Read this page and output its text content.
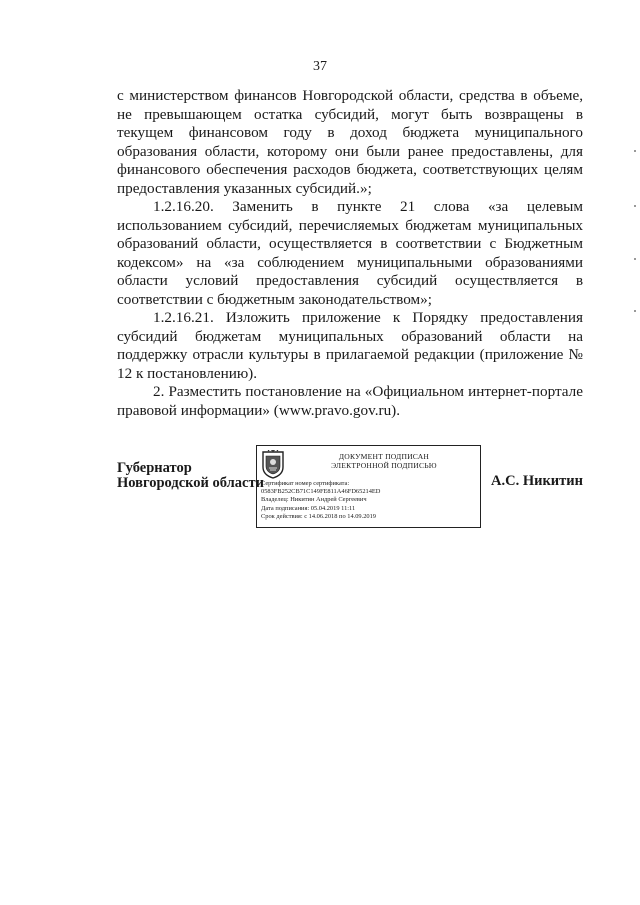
37

с министерством финансов Новгородской области, средства в объеме, не превышающем остатка субсидий, могут быть возвращены в текущем финансовом году в доход бюджета муниципального образования области, которому они были ранее предоставлены, для финансового обеспечения расходов бюджета, соответствующих целям предоставления указанных субсидий.»;

1.2.16.20. Заменить в пункте 21 слова «за целевым использованием субсидий, перечисляемых бюджетам муниципальных образований области, осуществляется в соответствии с Бюджетным кодексом» на «за соблюдением муниципальными образованиями области условий предоставления субсидий осуществляется в соответствии с бюджетным законодательством»;

1.2.16.21. Изложить приложение к Порядку предоставления субсидий бюджетам муниципальных образований области на поддержку отрасли культуры в прилагаемой редакции (приложение № 12 к постановлению).

2. Разместить постановление на «Официальном интернет-портале правовой информации» (www.pravo.gov.ru).

Губернатор
Новгородской области
ДОКУМЕНТ ПОДПИСАН
ЭЛЕКТРОННОЙ ПОДПИСЬЮ
Сертификат номер сертификата:
0583FB252CB71C149FE811A46FD65214ED
Владелец: Никитин Андрей Сергеевич
Дата подписания: 05.04.2019 11:11
Срок действия: с 14.06.2018 по 14.09.2019
А.С. Никитин
